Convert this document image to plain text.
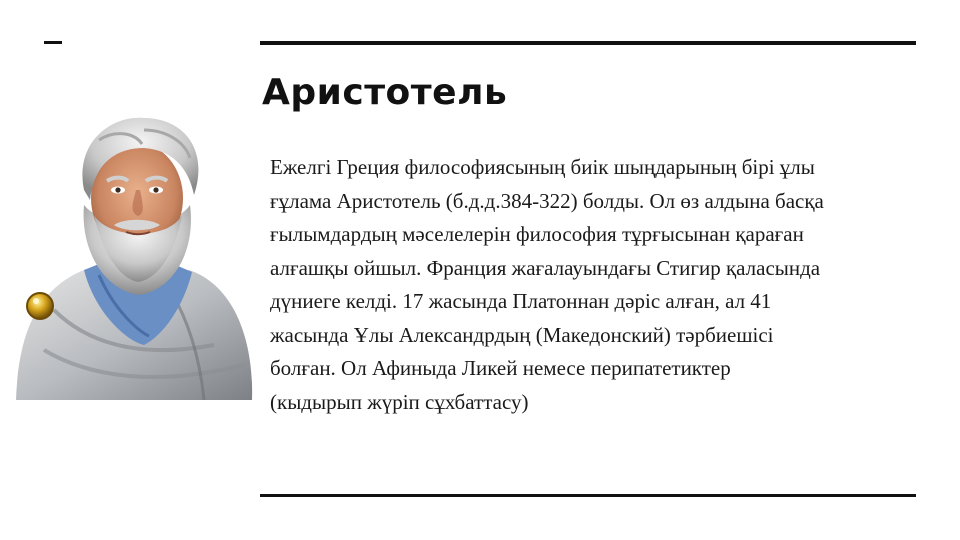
Аристотель
Ежелгі Греция философиясының биік шыңдарының бірі ұлы
ғұлама Аристотель (б.д.д.384-322) болды. Ол өз алдына басқа
ғылымдардың мәселелерін философия тұрғысынан қараған
алғашқы ойшыл. Франция жағалауындағы Стигир қаласында
дүниеге келді. 17 жасында Платоннан дәріс алған, ал 41
жасында Ұлы Александрдың (Македонский) тәрбиешісі
болған. Ол Афиныда Ликей немесе перипатетиктер
(кыдырып жүріп сұхбаттасу)
